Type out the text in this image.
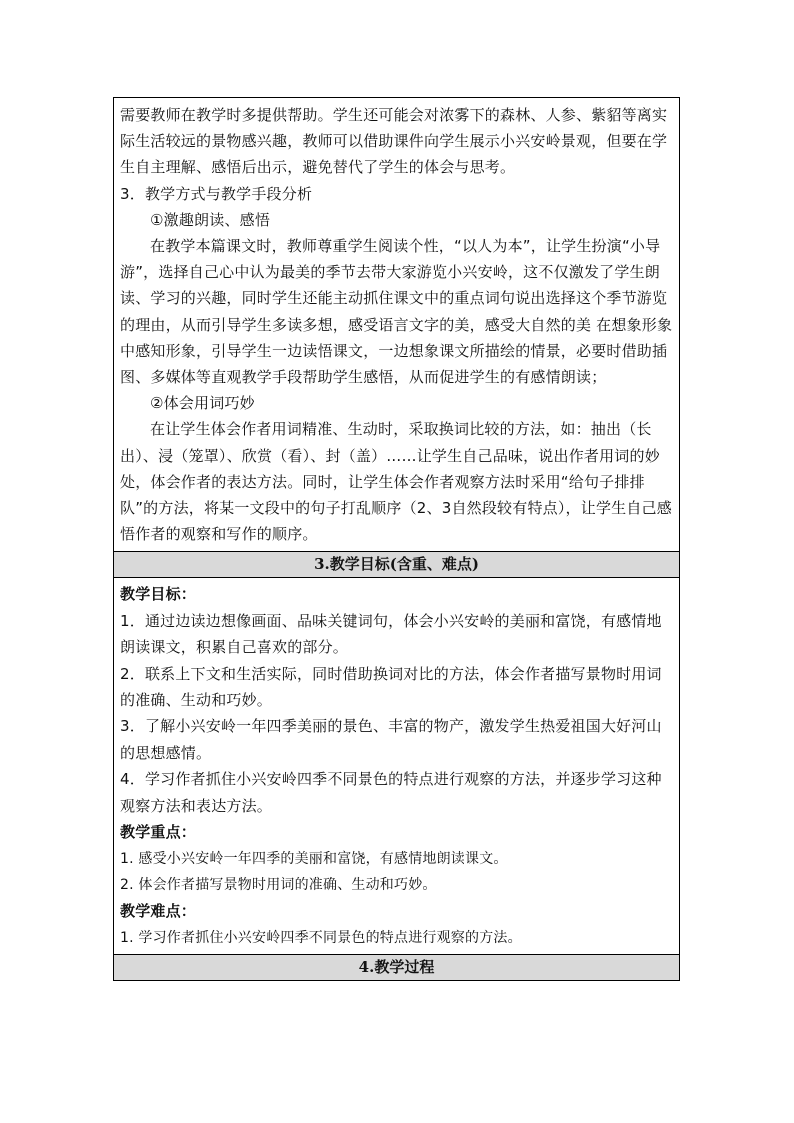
需要教师在教学时多提供帮助。学生还可能会对浓雾下的森林、人参、紫貂等离实际生活较远的景物感兴趣，教师可以借助课件向学生展示小兴安岭景观，但要在学生自主理解、感悟后出示，避免替代了学生的体会与思考。

3．教学方式与教学手段分析

①激趣朗读、感悟

在教学本篇课文时，教师尊重学生阅读个性，“以人为本”，让学生扮演“小导游”，选择自己心中认为最美的季节去带大家游览小兴安岭，这不仅激发了学生朗读、学习的兴趣，同时学生还能主动抓住课文中的重点词句说出选择这个季节游览的理由，从而引导学生多读多想，感受语言文字的美，感受大自然的美 在想象形象中感知形象，引导学生一边读悟课文，一边想象课文所描绘的情景，必要时借助插图、多媒体等直观教学手段帮助学生感悟，从而促进学生的有感情朗读；

②体会用词巧妙

在让学生体会作者用词精准、生动时，采取换词比较的方法，如：抽出（长出）、浸（笼罩）、欣赏（看）、封（盖）……让学生自己品味，说出作者用词的妙处，体会作者的表达方法。同时，让学生体会作者观察方法时采用“给句子排排队”的方法，将某一文段中的句子打乱顺序（2、3自然段较有特点），让学生自己感悟作者的观察和写作的顺序。

3.教学目标(含重、难点)

教学目标：

1．通过边读边想像画面、品味关键词句，体会小兴安岭的美丽和富饶，有感情地朗读课文，积累自己喜欢的部分。

2．联系上下文和生活实际，同时借助换词对比的方法，体会作者描写景物时用词的准确、生动和巧妙。

3．了解小兴安岭一年四季美丽的景色、丰富的物产，激发学生热爱祖国大好河山的思想感情。

4．学习作者抓住小兴安岭四季不同景色的特点进行观察的方法，并逐步学习这种观察方法和表达方法。

教学重点：

1. 感受小兴安岭一年四季的美丽和富饶，有感情地朗读课文。

2. 体会作者描写景物时用词的准确、生动和巧妙。

教学难点：

1. 学习作者抓住小兴安岭四季不同景色的特点进行观察的方法。

4.教学过程
